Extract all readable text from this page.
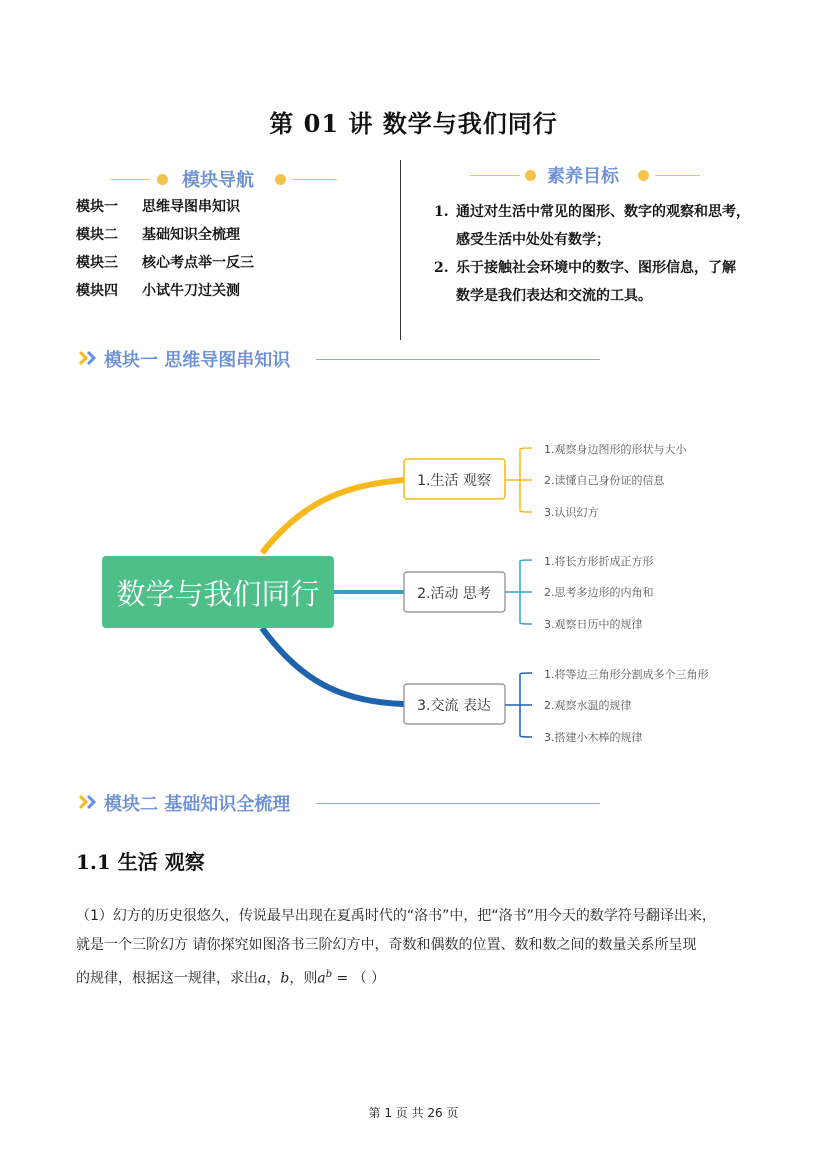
第 01 讲 数学与我们同行
模块导航
模块一 思维导图串知识
模块二 基础知识全梳理
模块三 核心考点举一反三
模块四 小试牛刀过关测
素养目标
1. 通过对生活中常见的图形、数字的观察和思考，
感受生活中处处有数学；
2. 乐于接触社会环境中的数字、图形信息，了解
数学是我们表达和交流的工具。
模块一 思维导图串知识
数学与我们同行
1.生活 观察
1.观察身边图形的形状与大小
2.读懂自己身份证的信息
3.认识幻方
2.活动 思考
1.将长方形折成正方形
2.思考多边形的内角和
3.观察日历中的规律
3.交流 表达
1.将等边三角形分割成多个三角形
2.观察水温的规律
3.搭建小木棒的规律
模块二 基础知识全梳理
1.1 生活 观察
（1）幻方的历史很悠久，传说最早出现在夏禹时代的“洛书”中，把“洛书”用今天的数学符号翻译出来，
就是一个三阶幻方 请你探究如图洛书三阶幻方中，奇数和偶数的位置、数和数之间的数量关系所呈现
的规律，根据这一规律，求出a，b，则$a^b$ = （ ）
第 1 页 共 26 页
